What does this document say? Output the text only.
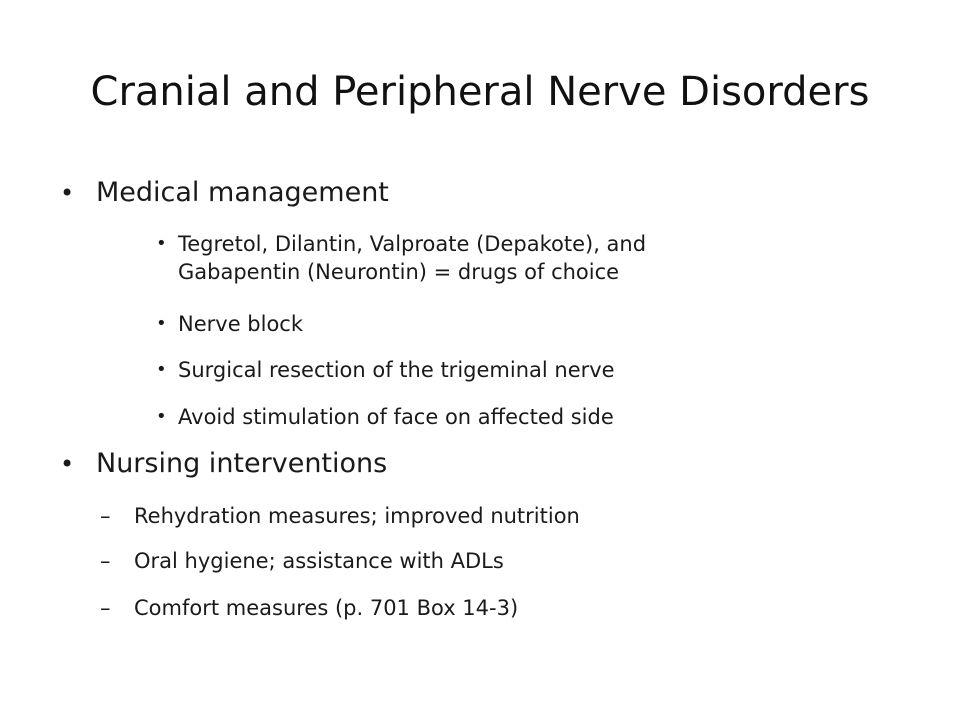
Cranial and Peripheral Nerve Disorders
• Medical management
• Tegretol, Dilantin, Valproate (Depakote), and
Gabapentin (Neurontin) = drugs of choice
• Nerve block
• Surgical resection of the trigeminal nerve
• Avoid stimulation of face on affected side
• Nursing interventions
– Rehydration measures; improved nutrition
– Oral hygiene; assistance with ADLs
– Comfort measures (p. 701 Box 14-3)
